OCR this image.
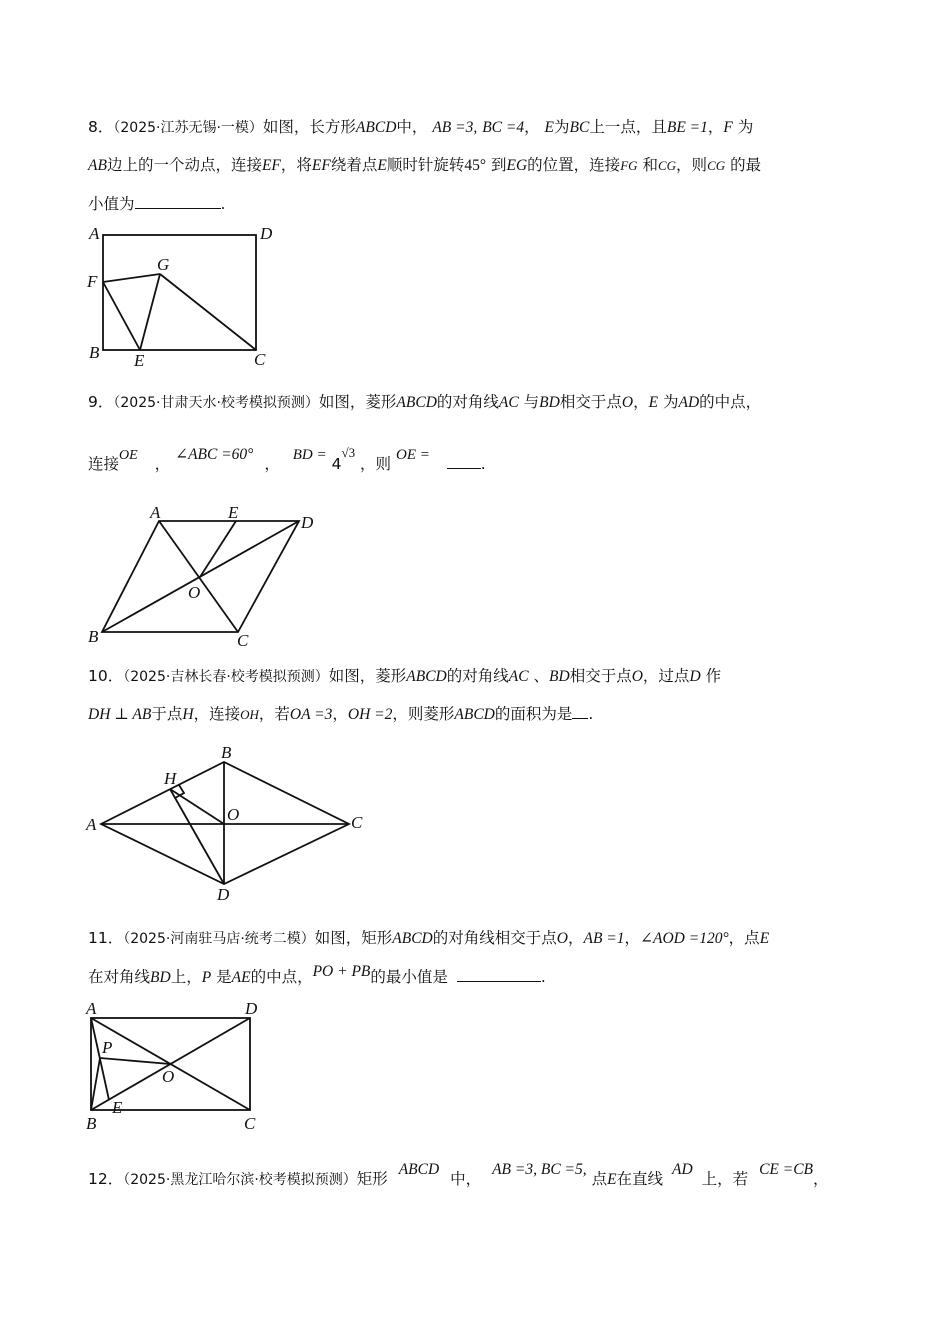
8．（2025·江苏无锡·一模）如图，长方形ABCD中， AB =3, BC =4， E为BC上一点，且BE =1，F 为
AB边上的一个动点，连接EF，将EF绕着点E顺时针旋转45° 到EG的位置，连接FG 和CG，则CG 的最
小值为	.
A	D
F
G
B E	C
9．（2025·甘肃天水·校考模拟预测）如图，菱形ABCD的对角线AC 与BD相交于点O，E 为AD的中点，
连接OE ， ∠ABC =60° ， BD = $4^{√3}$ ，则 OE =	.
A	E
D
O
B	C
10．（2025·吉林长春·校考模拟预测）如图，菱形ABCD的对角线AC 、BD相交于点O，过点D 作
DH ⊥ AB于点H，连接OH，若OA =3，OH =2，则菱形ABCD的面积为是 .
B
H
O
A	C
D
11．（2025·河南驻马店·统考二模）如图，矩形ABCD的对角线相交于点O，AB =1，∠AOD =120°，点E
在对角线BD上，P 是AE的中点，PO + PB的最小值是	.
A	D
P
O
E
B	C
12．（2025·黑龙江哈尔滨·校考模拟预测）矩形 ABCD 中， AB =3, BC =5, 点E在直线 AD 上，若 CE =CB，
